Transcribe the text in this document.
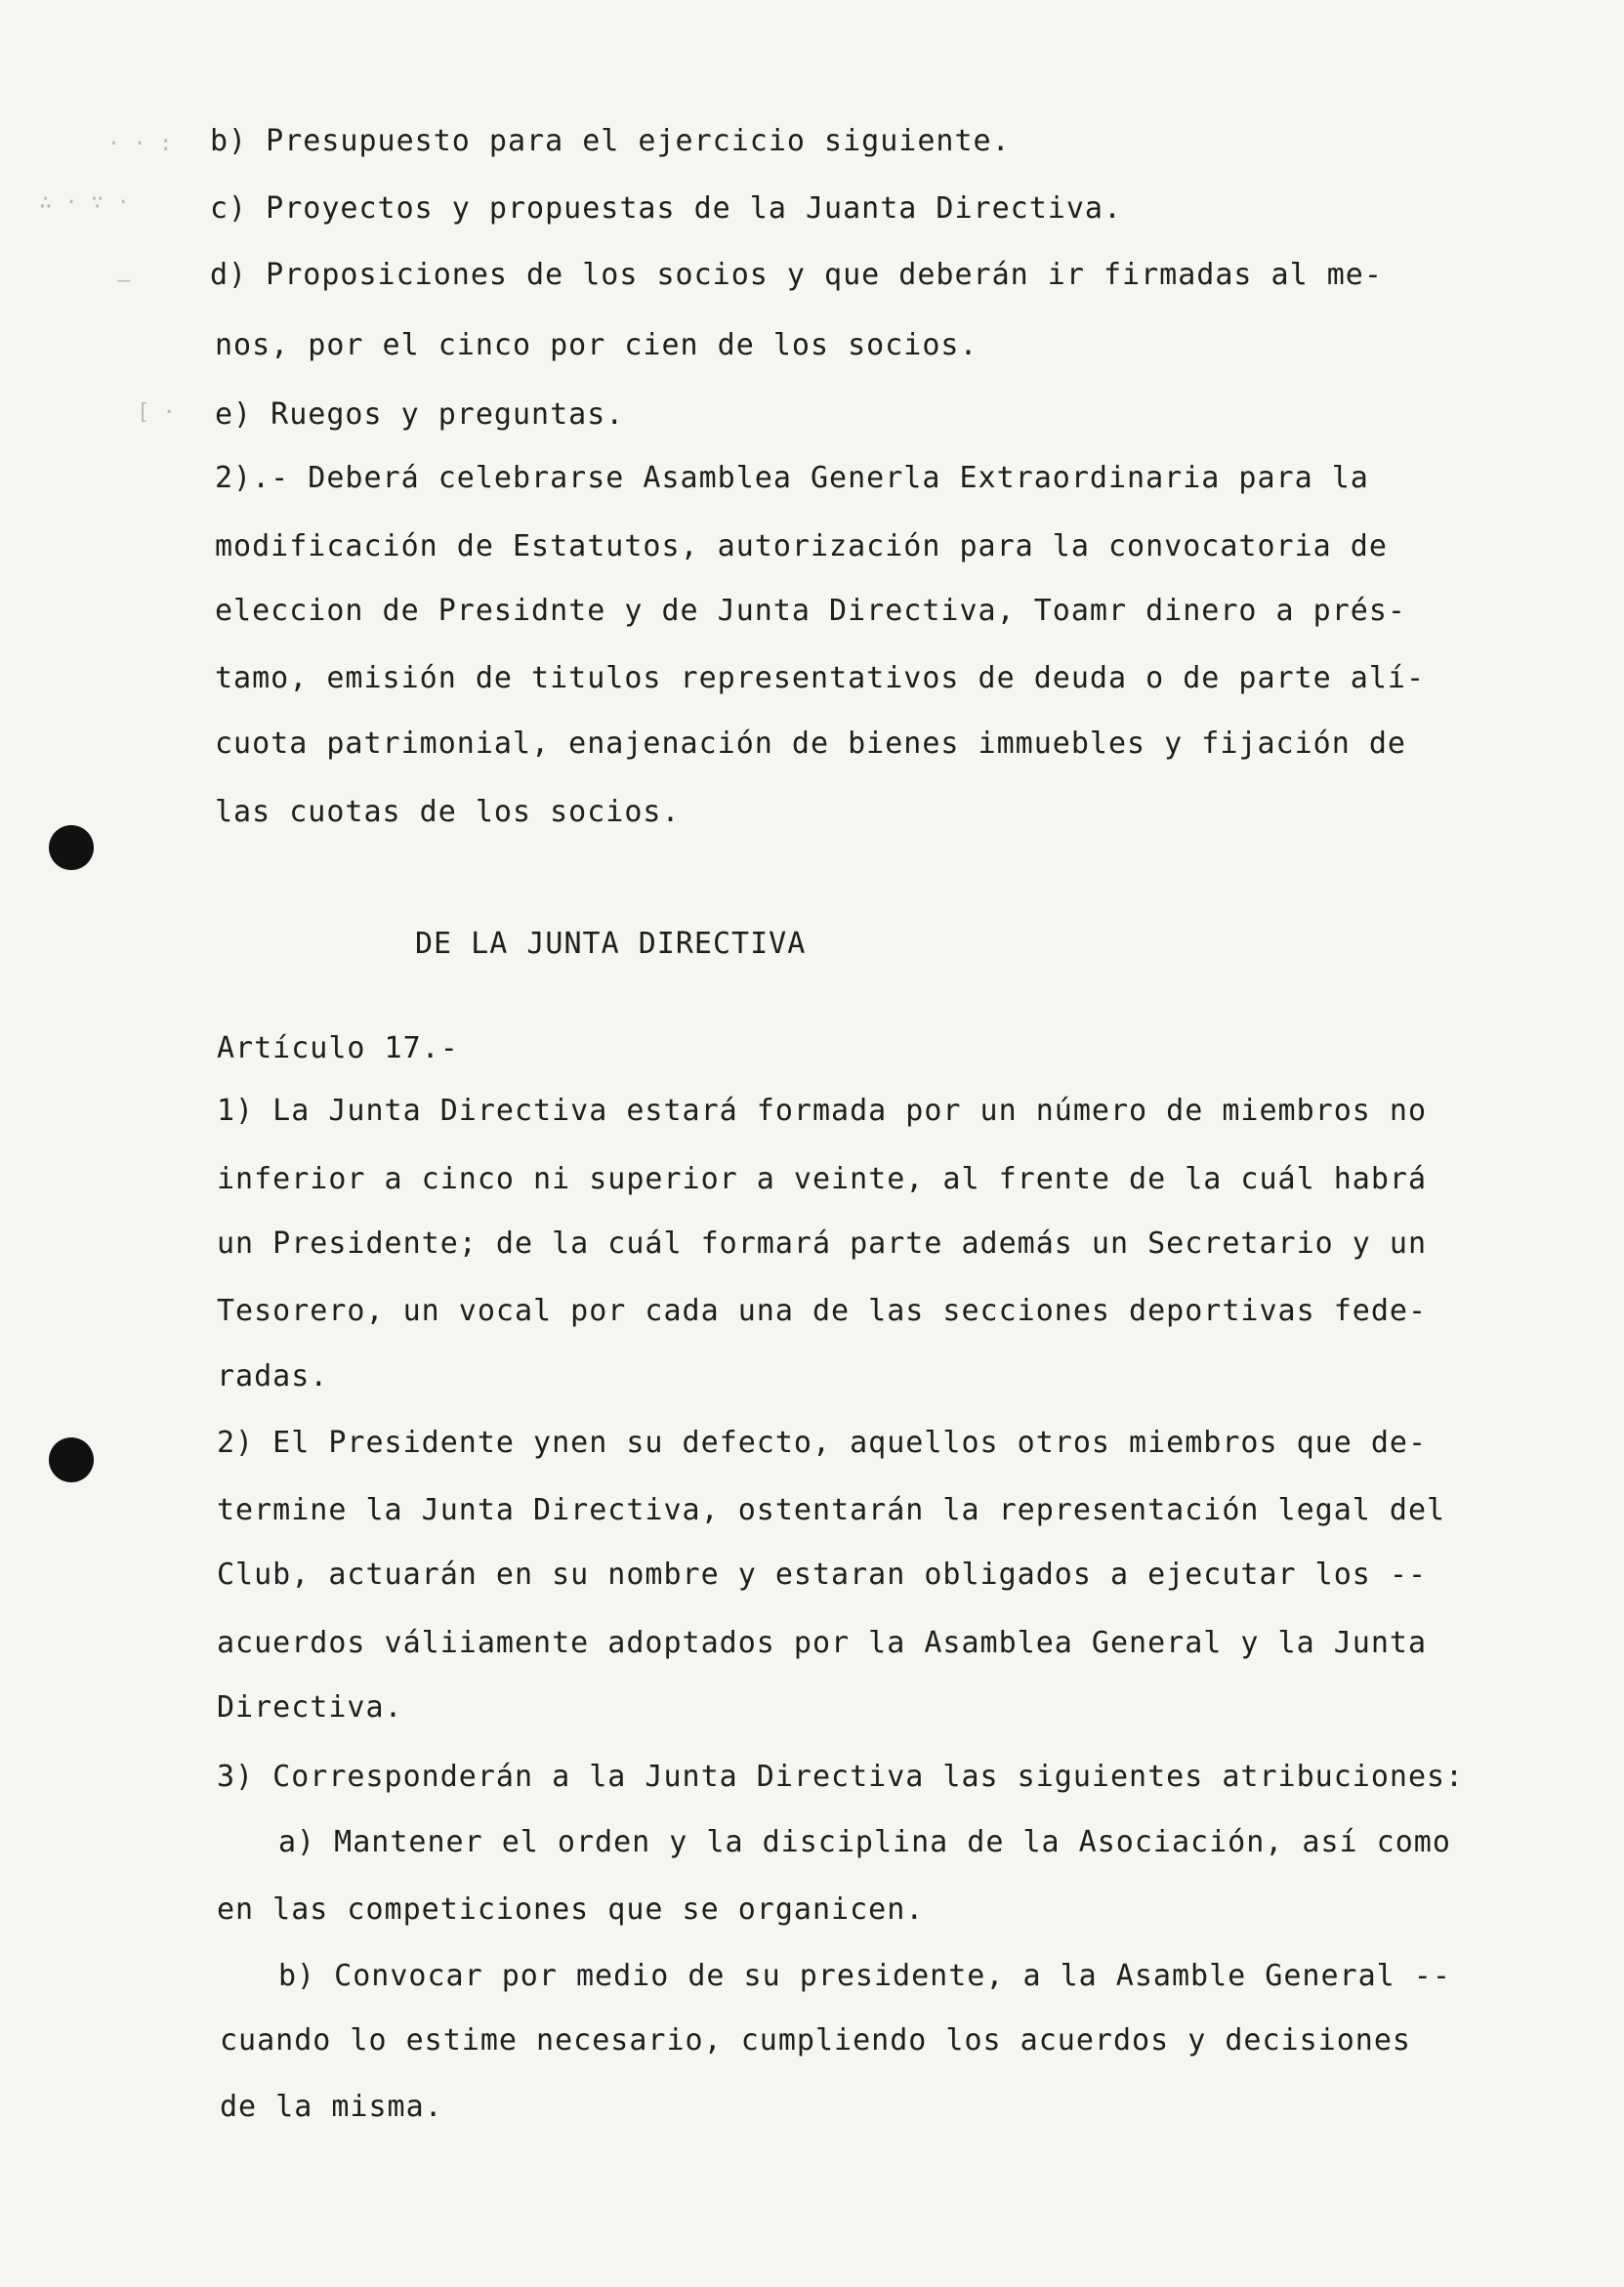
· · :
∴ · ∵ ·
–
[ ·
b) Presupuesto para el ejercicio siguiente.
c) Proyectos y propuestas de la Juanta Directiva.
d) Proposiciones de los socios y que deberán ir firmadas al me-
nos, por el cinco por cien de los socios.
e) Ruegos y preguntas.
2).- Deberá celebrarse Asamblea Generla Extraordinaria para la
modificación de Estatutos, autorización para la convocatoria de
eleccion de Presidnte y de Junta Directiva, Toamr dinero a prés-
tamo, emisión de titulos representativos de deuda o de parte alí-
cuota patrimonial, enajenación de bienes immuebles y fijación de
las cuotas de los socios.
DE LA JUNTA DIRECTIVA
Artículo 17.-
1) La Junta Directiva estará formada por un número de miembros no
inferior a cinco ni superior a veinte, al frente de la cuál habrá
un Presidente; de la cuál formará parte además un Secretario y un
Tesorero, un vocal por cada una de las secciones deportivas fede-
radas.
2) El Presidente ynen su defecto, aquellos otros miembros que de-
termine la Junta Directiva, ostentarán la representación legal del
Club, actuarán en su nombre y estaran obligados a ejecutar los --
acuerdos váliiamente adoptados por la Asamblea General y la Junta
Directiva.
3) Corresponderán a la Junta Directiva las siguientes atribuciones:
a) Mantener el orden y la disciplina de la Asociación, así como
en las competiciones que se organicen.
b) Convocar por medio de su presidente, a la Asamble General --
cuando lo estime necesario, cumpliendo los acuerdos y decisiones
de la misma.
